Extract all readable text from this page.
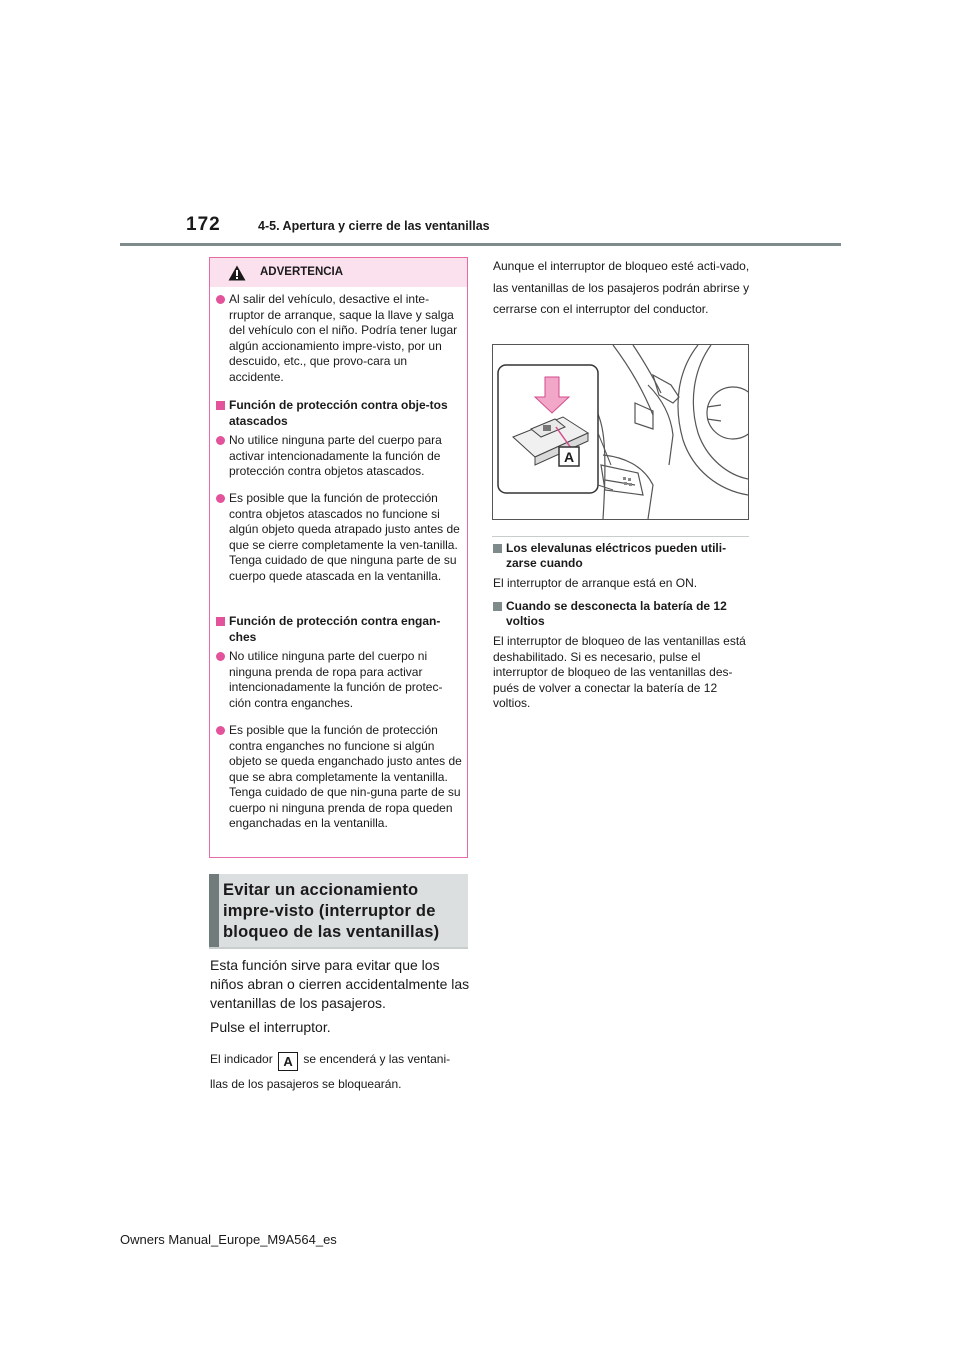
172	4-5. Apertura y cierre de las ventanillas
ADVERTENCIA
Al salir del vehículo, desactive el inte-rruptor de arranque, saque la llave y salga del vehículo con el niño. Podría tener lugar algún accionamiento impre-visto, por un descuido, etc., que provo-cara un accidente.
Función de protección contra obje-tos atascados
No utilice ninguna parte del cuerpo para activar intencionadamente la función de protección contra objetos atascados.
Es posible que la función de protección contra objetos atascados no funcione si algún objeto queda atrapado justo antes de que se cierre completamente la ven-tanilla. Tenga cuidado de que ninguna parte de su cuerpo quede atascada en la ventanilla.
Función de protección contra engan-ches
No utilice ninguna parte del cuerpo ni ninguna prenda de ropa para activar intencionadamente la función de protec-ción contra enganches.
Es posible que la función de protección contra enganches no funcione si algún objeto se queda enganchado justo antes de que se abra completamente la ventanilla. Tenga cuidado de que nin-guna parte de su cuerpo ni ninguna prenda de ropa queden enganchadas en la ventanilla.
Evitar un accionamiento impre-visto (interruptor de bloqueo de las ventanillas)
Esta función sirve para evitar que los niños abran o cierren accidentalmente las ventanillas de los pasajeros.
Pulse el interruptor.
El indicador A se encenderá y las ventani-
llas de los pasajeros se bloquearán.
Aunque el interruptor de bloqueo esté acti-vado, las ventanillas de los pasajeros podrán abrirse y cerrarse con el interruptor del conductor.
A
Los elevalunas eléctricos pueden utili-zarse cuando
El interruptor de arranque está en ON.
Cuando se desconecta la batería de 12 voltios
El interruptor de bloqueo de las ventanillas está deshabilitado. Si es necesario, pulse el interruptor de bloqueo de las ventanillas des-pués de volver a conectar la batería de 12 voltios.
Owners Manual_Europe_M9A564_es
